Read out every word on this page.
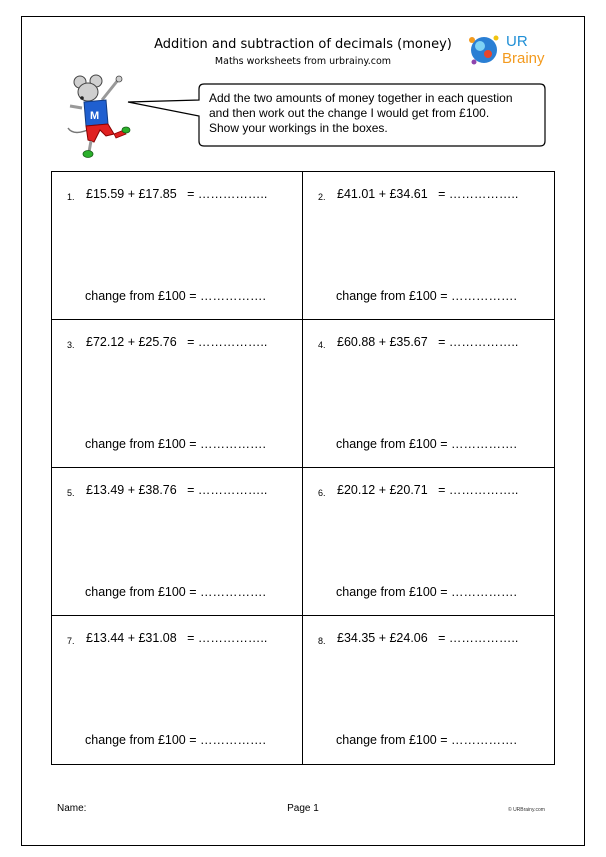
Addition and subtraction of decimals (money)
Maths worksheets from urbrainy.com
UR
Brainy
M
Add the two amounts of money together in each question
and then work out the change I would get from £100.
Show your workings in the boxes.
1. £15.59 + £17.85 = ……………..
change from £100 = …………….
2. £41.01 + £34.61 = ……………..
change from £100 = …………….
3. £72.12 + £25.76 = ……………..
change from £100 = …………….
4. £60.88 + £35.67 = ……………..
change from £100 = …………….
5. £13.49 + £38.76 = ……………..
change from £100 = …………….
6. £20.12 + £20.71 = ……………..
change from £100 = …………….
7. £13.44 + £31.08 = ……………..
change from £100 = …………….
8. £34.35 + £24.06 = ……………..
change from £100 = …………….
Name:	Page 1	© URBrainy.com
